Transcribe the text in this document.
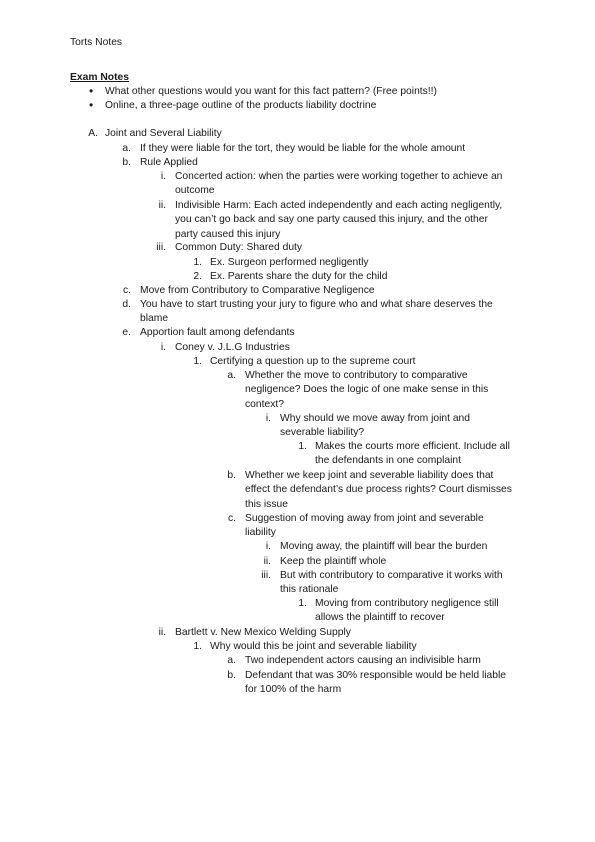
Torts Notes
Exam Notes
• What other questions would you want for this fact pattern? (Free points!!)
• Online, a three-page outline of the products liability doctrine
A. Joint and Several Liability
a. If they were liable for the tort, they would be liable for the whole amount
b. Rule Applied
i. Concerted action: when the parties were working together to achieve an
outcome
ii. Indivisible Harm: Each acted independently and each acting negligently,
you can’t go back and say one party caused this injury, and the other
party caused this injury
iii. Common Duty: Shared duty
1. Ex. Surgeon performed negligently
2. Ex. Parents share the duty for the child
c. Move from Contributory to Comparative Negligence
d. You have to start trusting your jury to figure who and what share deserves the
blame
e. Apportion fault among defendants
i. Coney v. J.L.G Industries
1. Certifying a question up to the supreme court
a. Whether the move to contributory to comparative
negligence? Does the logic of one make sense in this
context?
i. Why should we move away from joint and
severable liability?
1. Makes the courts more efficient. Include all
the defendants in one complaint
b. Whether we keep joint and severable liability does that
effect the defendant’s due process rights? Court dismisses
this issue
c. Suggestion of moving away from joint and severable
liability
i. Moving away, the plaintiff will bear the burden
ii. Keep the plaintiff whole
iii. But with contributory to comparative it works with
this rationale
1. Moving from contributory negligence still
allows the plaintiff to recover
ii. Bartlett v. New Mexico Welding Supply
1. Why would this be joint and severable liability
a. Two independent actors causing an indivisible harm
b. Defendant that was 30% responsible would be held liable
for 100% of the harm
